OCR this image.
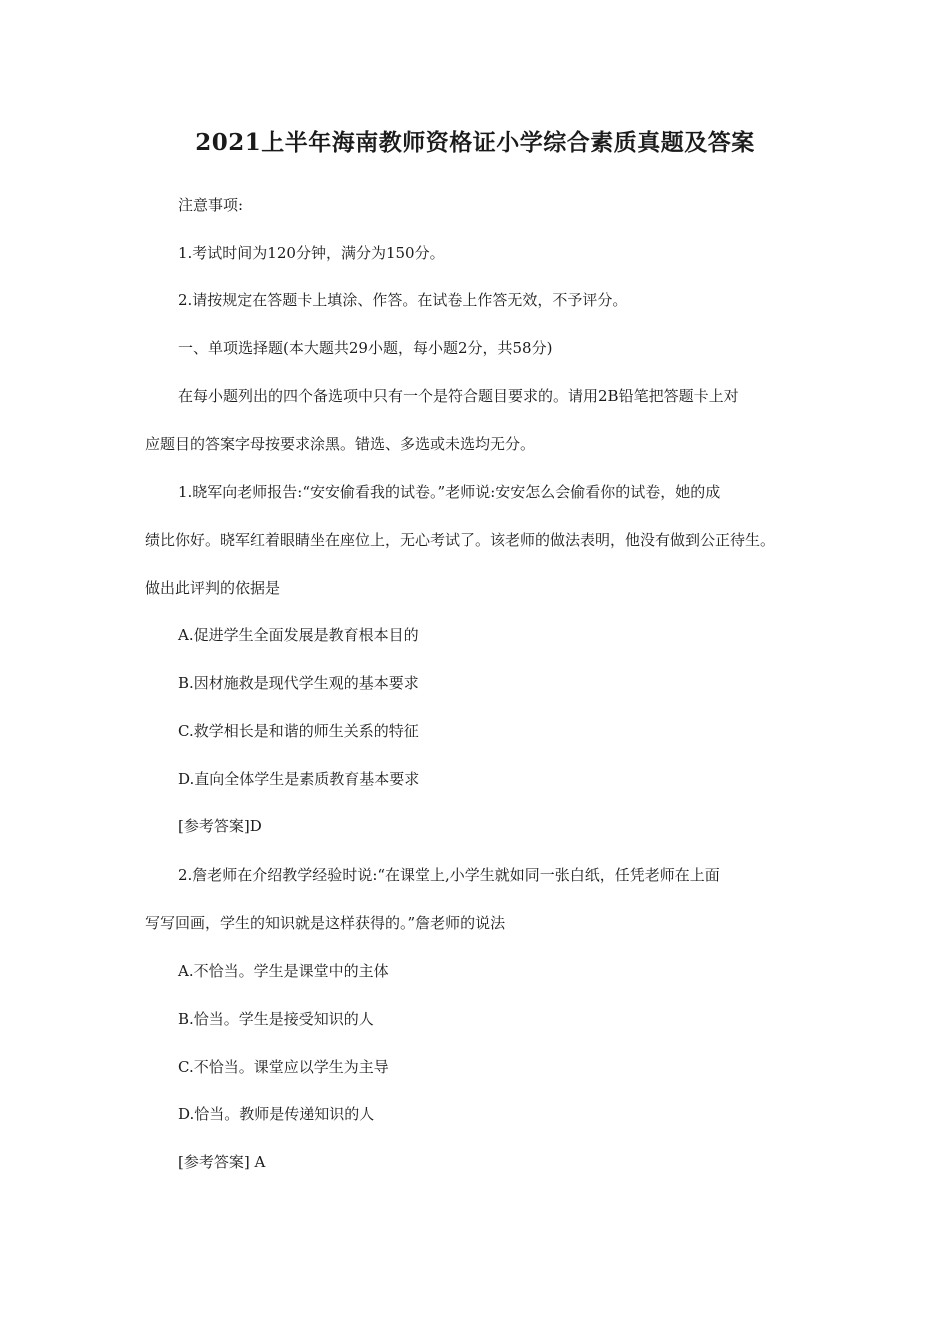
2021上半年海南教师资格证小学综合素质真题及答案

注意事项:

1.考试时间为120分钟，满分为150分。

2.请按规定在答题卡上填涂、作答。在试卷上作答无效，不予评分。

一、单项选择题(本大题共29小题，每小题2分，共58分)

在每小题列出的四个备选项中只有一个是符合题目要求的。请用2B铅笔把答题卡上对

应题目的答案字母按要求涂黑。错选、多选或未选均无分。

1.晓军向老师报告:“安安偷看我的试卷。”老师说:安安怎么会偷看你的试卷，她的成

绩比你好。晓军红着眼睛坐在座位上，无心考试了。该老师的做法表明，他没有做到公正待生。

做出此评判的依据是

A.促进学生全面发展是教育根本目的

B.因材施救是现代学生观的基本要求

C.救学相长是和谐的师生关系的特征

D.直向全体学生是素质教育基本要求

[参考答案]D

2.詹老师在介绍教学经验时说:“在课堂上,小学生就如同一张白纸，任凭老师在上面

写写回画，学生的知识就是这样获得的。”詹老师的说法

A.不恰当。学生是课堂中的主体

B.恰当。学生是接受知识的人

C.不恰当。课堂应以学生为主导

D.恰当。教师是传递知识的人

[参考答案] A
